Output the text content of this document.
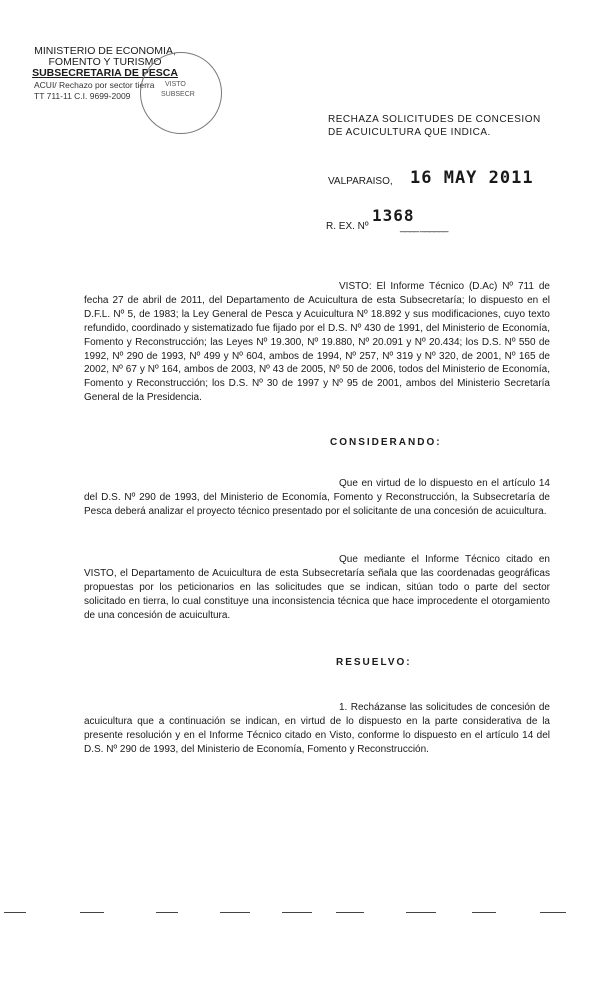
MINISTERIO DE ECONOMIA,
FOMENTO Y TURISMO
SUBSECRETARIA DE PESCA
ACUI/ Rechazo por sector tierra
TT 711-11 C.I. 9699-2009
VISTO
SUBSECR
RECHAZA SOLICITUDES DE CONCESION DE ACUICULTURA QUE INDICA.
VALPARAISO, 16 MAY 2011
R. EX. Nº
1368
____ ______
VISTO: El Informe Técnico (D.Ac) Nº 711 de fecha 27 de abril de 2011, del Departamento de Acuicultura de esta Subsecretaría; lo dispuesto en el D.F.L. Nº 5, de 1983; la Ley General de Pesca y Acuicultura Nº 18.892 y sus modificaciones, cuyo texto refundido, coordinado y sistematizado fue fijado por el D.S. Nº 430 de 1991, del Ministerio de Economía, Fomento y Reconstrucción; las Leyes Nº 19.300, Nº 19.880, Nº 20.091 y Nº 20.434; los D.S. Nº 550 de 1992, Nº 290 de 1993, Nº 499 y Nº 604, ambos de 1994, Nº 257, Nº 319 y Nº 320, de 2001, Nº 165 de 2002, Nº 67 y Nº 164, ambos de 2003, Nº 43 de 2005, Nº 50 de 2006, todos del Ministerio de Economía, Fomento y Reconstrucción; los D.S. Nº 30 de 1997 y Nº 95 de 2001, ambos del Ministerio Secretaría General de la Presidencia.
CONSIDERANDO:
Que en virtud de lo dispuesto en el artículo 14 del D.S. Nº 290 de 1993, del Ministerio de Economía, Fomento y Reconstrucción, la Subsecretaría de Pesca deberá analizar el proyecto técnico presentado por el solicitante de una concesión de acuicultura.
Que mediante el Informe Técnico citado en VISTO, el Departamento de Acuicultura de esta Subsecretaría señala que las coordenadas geográficas propuestas por los peticionarios en las solicitudes que se indican, sitúan todo o parte del sector solicitado en tierra, lo cual constituye una inconsistencia técnica que hace improcedente el otorgamiento de una concesión de acuicultura.
RESUELVO:
1. Recházanse las solicitudes de concesión de acuicultura que a continuación se indican, en virtud de lo dispuesto en la parte considerativa de la presente resolución y en el Informe Técnico citado en Visto, conforme lo dispuesto en el artículo 14 del D.S. Nº 290 de 1993, del Ministerio de Economía, Fomento y Reconstrucción.
